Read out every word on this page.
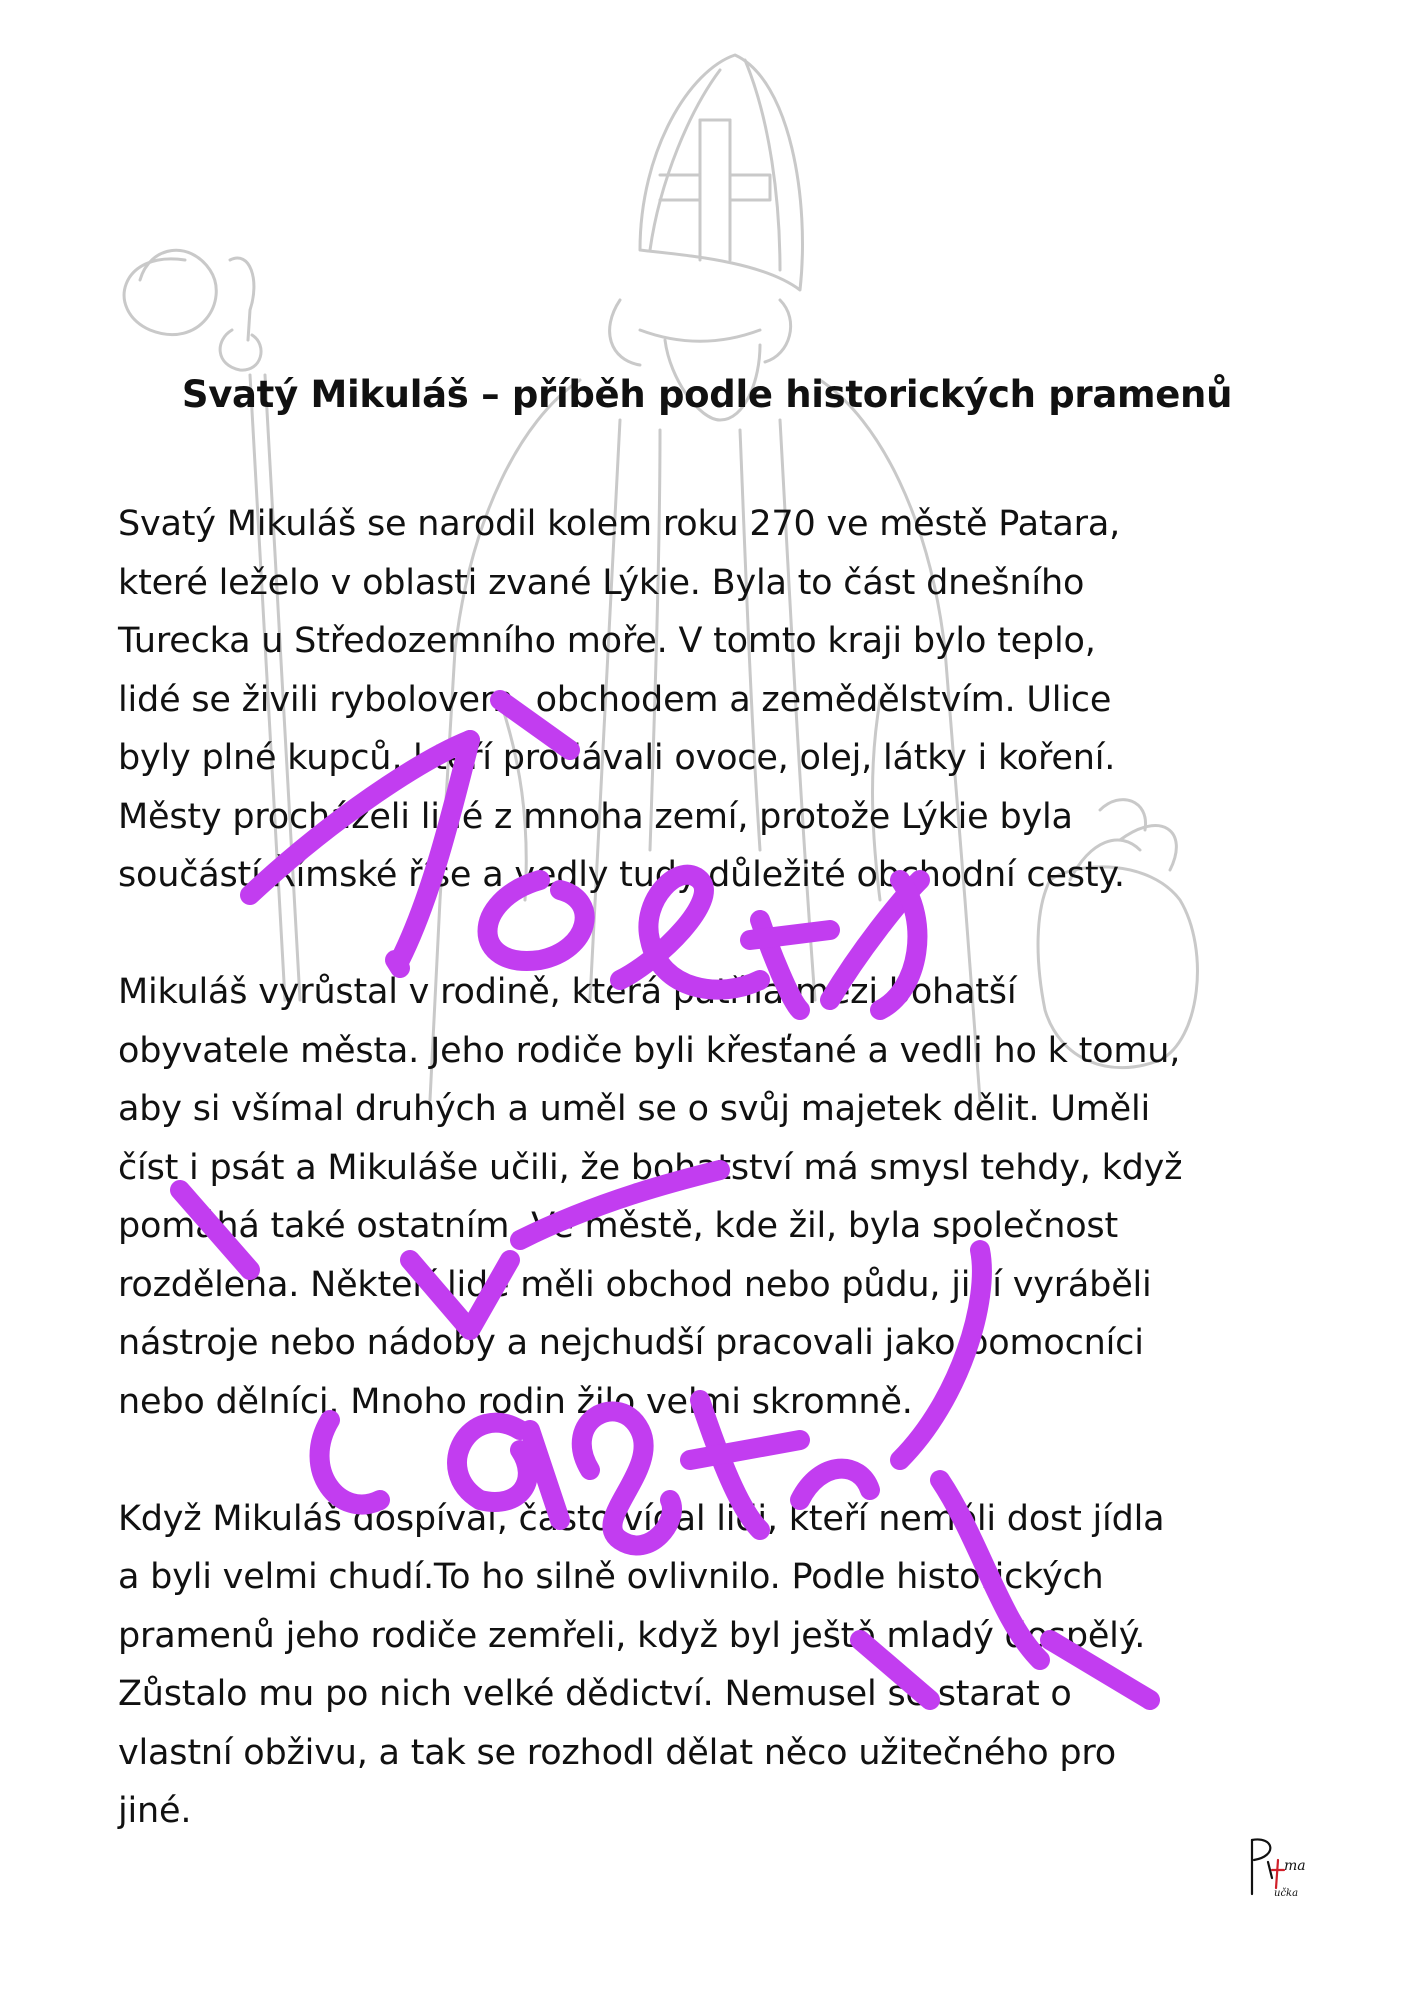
Svatý Mikuláš – příběh podle historických pramenů
Svatý Mikuláš se narodil kolem roku 270 ve městě Patara,
které leželo v oblasti zvané Lýkie. Byla to část dnešního
Turecka u Středozemního moře. V tomto kraji bylo teplo,
lidé se živili rybolovem, obchodem a zemědělstvím. Ulice
byly plné kupců, kteří prodávali ovoce, olej, látky i koření.
Městy procházeli lidé z mnoha zemí, protože Lýkie byla
součástí Římské říše a vedly tudy důležité obchodní cesty.
Mikuláš vyrůstal v rodině, která patřila mezi bohatší
obyvatele města. Jeho rodiče byli křesťané a vedli ho k tomu,
aby si všímal druhých a uměl se o svůj majetek dělit. Uměli
číst i psát a Mikuláše učili, že bohatství má smysl tehdy, když
pomáhá také ostatním. Ve městě, kde žil, byla společnost
rozdělena. Někteří lidé měli obchod nebo půdu, jiní vyráběli
nástroje nebo nádoby a nejchudší pracovali jako pomocníci
nebo dělníci. Mnoho rodin žilo velmi skromně.
Když Mikuláš dospíval, často vídal lidi, kteří neměli dost jídla
a byli velmi chudí.To ho silně ovlivnilo. Podle historických
pramenů jeho rodiče zemřeli, když byl ještě mladý dospělý.
Zůstalo mu po nich velké dědictví. Nemusel se starat o
vlastní obživu, a tak se rozhodl dělat něco užitečného pro
jiné.
ma
učka
